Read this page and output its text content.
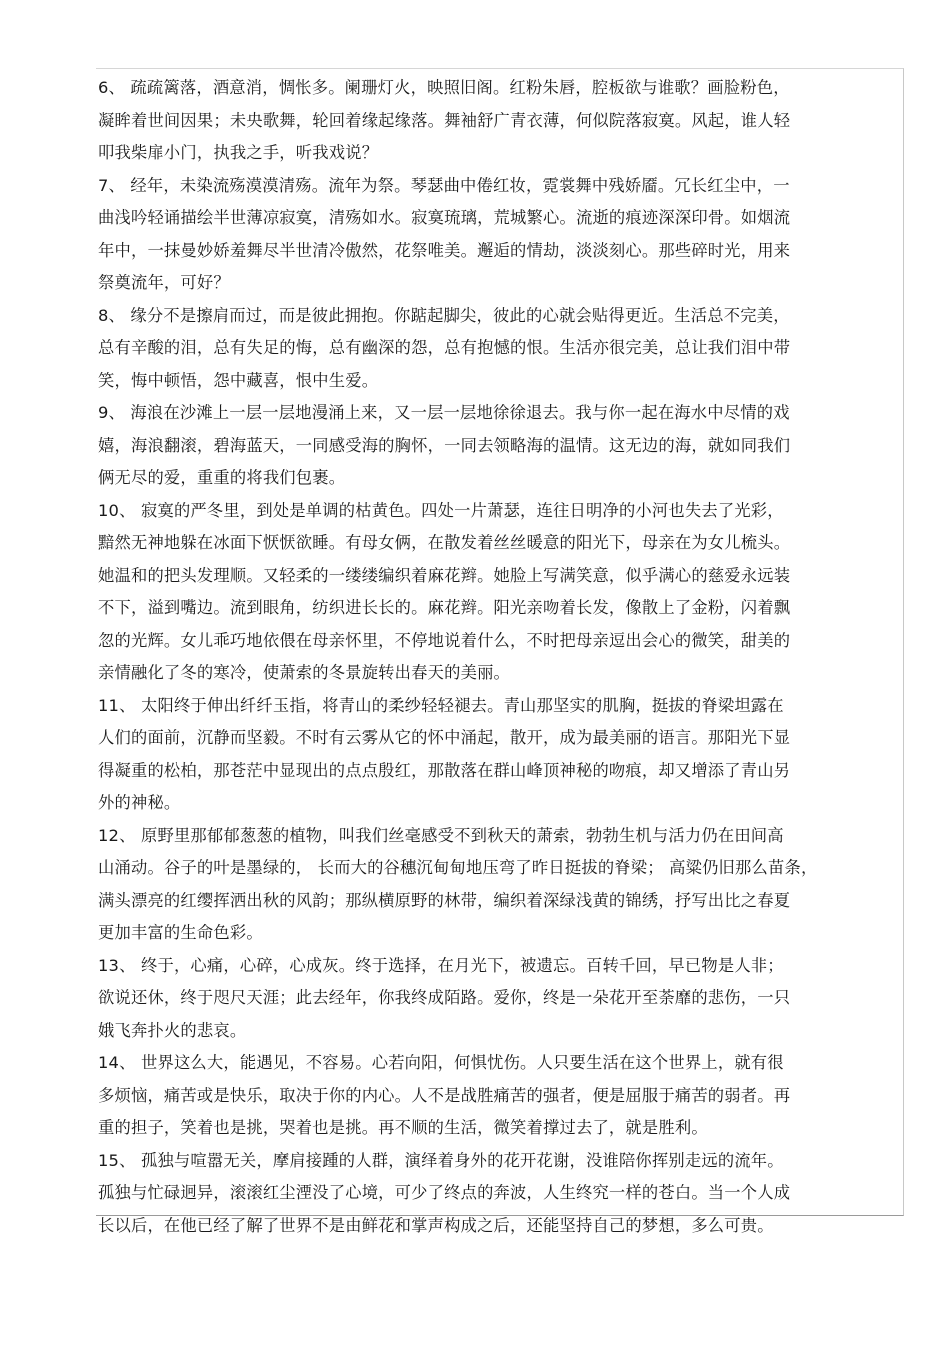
6、 疏疏篱落，酒意消，惆怅多。阑珊灯火，映照旧阁。红粉朱唇，腔板欲与谁歌？画脸粉色，
凝眸着世间因果；未央歌舞，轮回着缘起缘落。舞袖舒广青衣薄，何似院落寂寞。风起，谁人轻
叩我柴扉小门，执我之手，听我戏说？
7、 经年，未染流殇漠漠清殇。流年为祭。琴瑟曲中倦红妆，霓裳舞中残娇靥。冗长红尘中，一
曲浅吟轻诵描绘半世薄凉寂寞，清殇如水。寂寞琉璃，荒城繁心。流逝的痕迹深深印骨。如烟流
年中，一抹曼妙娇羞舞尽半世清冷傲然，花祭唯美。邂逅的情劫，淡淡刻心。那些碎时光，用来
祭奠流年，可好？
8、 缘分不是擦肩而过，而是彼此拥抱。你踮起脚尖，彼此的心就会贴得更近。生活总不完美，
总有辛酸的泪，总有失足的悔，总有幽深的怨，总有抱憾的恨。生活亦很完美，总让我们泪中带
笑，悔中顿悟，怨中藏喜，恨中生爱。
9、 海浪在沙滩上一层一层地漫涌上来，又一层一层地徐徐退去。我与你一起在海水中尽情的戏
嬉，海浪翻滚，碧海蓝天，一同感受海的胸怀，一同去领略海的温情。这无边的海，就如同我们
俩无尽的爱，重重的将我们包裹。
10、 寂寞的严冬里，到处是单调的枯黄色。四处一片萧瑟，连往日明净的小河也失去了光彩，
黯然无神地躲在冰面下恹恹欲睡。有母女俩，在散发着丝丝暖意的阳光下，母亲在为女儿梳头。
她温和的把头发理顺。又轻柔的一缕缕编织着麻花辫。她脸上写满笑意，似乎满心的慈爱永远装
不下，溢到嘴边。流到眼角，纺织进长长的。麻花辫。阳光亲吻着长发，像散上了金粉，闪着飘
忽的光辉。女儿乖巧地依偎在母亲怀里，不停地说着什么，不时把母亲逗出会心的微笑，甜美的
亲情融化了冬的寒冷，使萧索的冬景旋转出春天的美丽。
11、 太阳终于伸出纤纤玉指，将青山的柔纱轻轻褪去。青山那坚实的肌胸，挺拔的脊梁坦露在
人们的面前，沉静而坚毅。不时有云雾从它的怀中涌起，散开，成为最美丽的语言。那阳光下显
得凝重的松柏，那苍茫中显现出的点点殷红，那散落在群山峰顶神秘的吻痕，却又增添了青山另
外的神秘。
12、 原野里那郁郁葱葱的植物，叫我们丝毫感受不到秋天的萧索，勃勃生机与活力仍在田间高
山涌动。谷子的叶是墨绿的， 长而大的谷穗沉甸甸地压弯了昨日挺拔的脊梁； 高粱仍旧那么苗条，
满头漂亮的红缨挥洒出秋的风韵；那纵横原野的林带，编织着深绿浅黄的锦绣，抒写出比之春夏
更加丰富的生命色彩。
13、 终于，心痛，心碎，心成灰。终于选择，在月光下，被遗忘。百转千回，早已物是人非；
欲说还休，终于咫尺天涯；此去经年，你我终成陌路。爱你，终是一朵花开至荼靡的悲伤，一只
娥飞奔扑火的悲哀。
14、 世界这么大，能遇见，不容易。心若向阳，何惧忧伤。人只要生活在这个世界上，就有很
多烦恼，痛苦或是快乐，取决于你的内心。人不是战胜痛苦的强者，便是屈服于痛苦的弱者。再
重的担子，笑着也是挑，哭着也是挑。再不顺的生活，微笑着撑过去了，就是胜利。
15、 孤独与喧嚣无关，摩肩接踵的人群，演绎着身外的花开花谢，没谁陪你挥别走远的流年。
孤独与忙碌迥异，滚滚红尘湮没了心境，可少了终点的奔波，人生终究一样的苍白。当一个人成
长以后，在他已经了解了世界不是由鲜花和掌声构成之后，还能坚持自己的梦想，多么可贵。
